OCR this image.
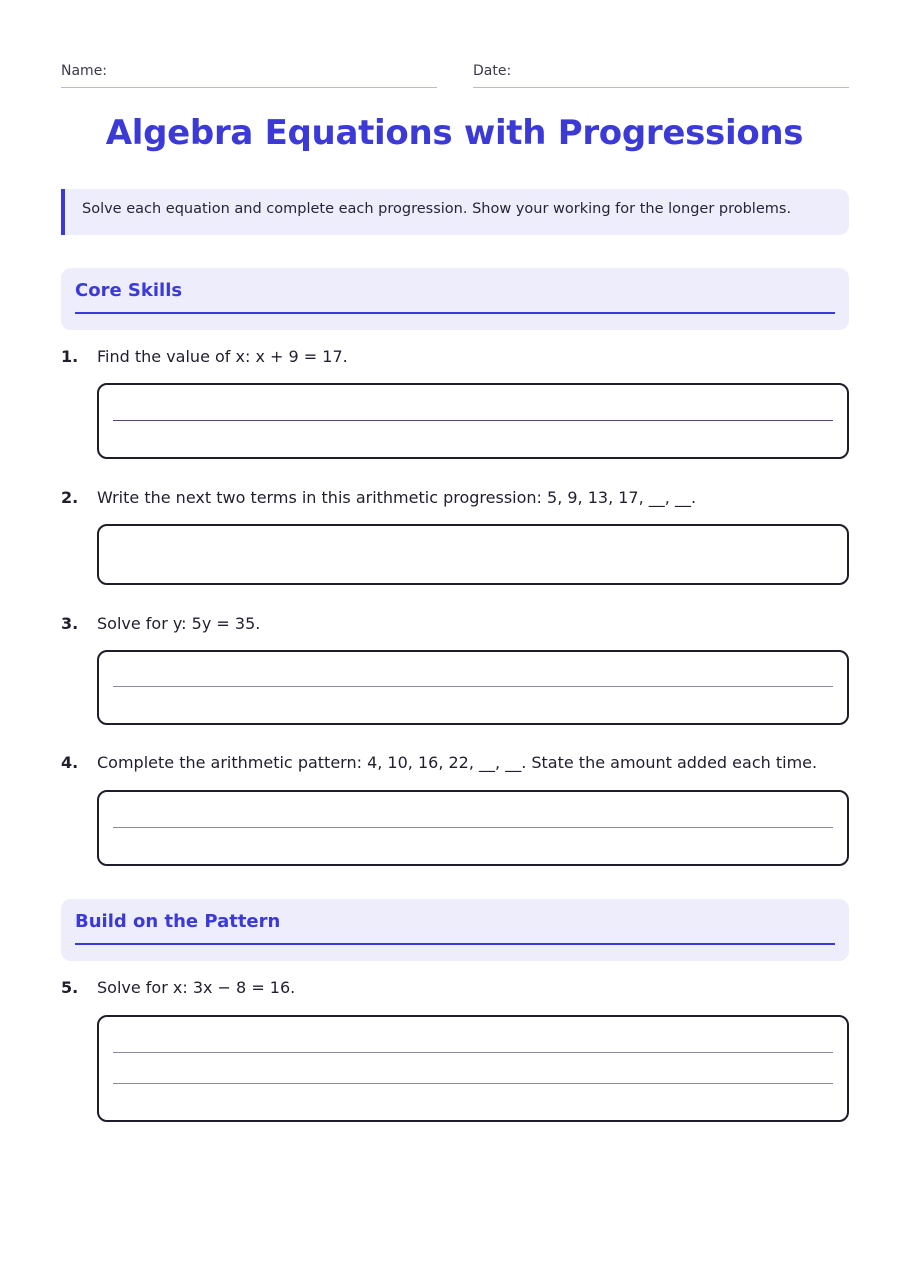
Name:	Date:
Algebra Equations with Progressions
Solve each equation and complete each progression. Show your working for the longer problems.
Core Skills
1. Find the value of x: x + 9 = 17.
2. Write the next two terms in this arithmetic progression: 5, 9, 13, 17, __, __.
3. Solve for y: 5y = 35.
4. Complete the arithmetic pattern: 4, 10, 16, 22, __, __. State the amount added each time.
Build on the Pattern
5. Solve for x: 3x − 8 = 16.
